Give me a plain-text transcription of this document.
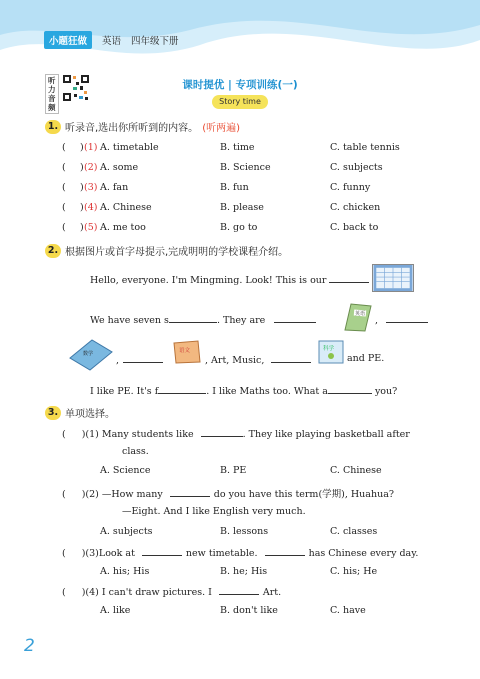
小题狂做	英语 四年级下册
听
力
音
频
课时提优 | 专项训练(一)
Story time
1. 听录音,选出你所听到的内容。 (听两遍)
( ) (1) A. timetable	B. time	C. table tennis
( ) (2) A. some	B. Science	C. subjects
( ) (3) A. fan	B. fun	C. funny
( ) (4) A. Chinese	B. please	C. chicken
( ) (5) A. me too	B. go to	C. back to
2. 根据图片或首字母提示,完成明明的学校课程介绍。
Hello, everyone. I'm Mingming. Look! This is our
We have seven s	. They are
英语
,
数学
,
语文
, Art, Music,
科学
and PE.
I like PE. It's f	. I like Maths too. What a	you?
3. 单项选择。
( )(1) Many students like	. They like playing basketball after
class.
A. Science	B. PE	C. Chinese
( )(2) —How many	do you have this term(学期), Huahua?
—Eight. And I like English very much.
A. subjects	B. lessons	C. classes
( )(3)Look at	new timetable.	has Chinese every day.
A. his; His	B. he; His	C. his; He
( )(4) I can't draw pictures. I	Art.
A. like	B. don't like	C. have
2
